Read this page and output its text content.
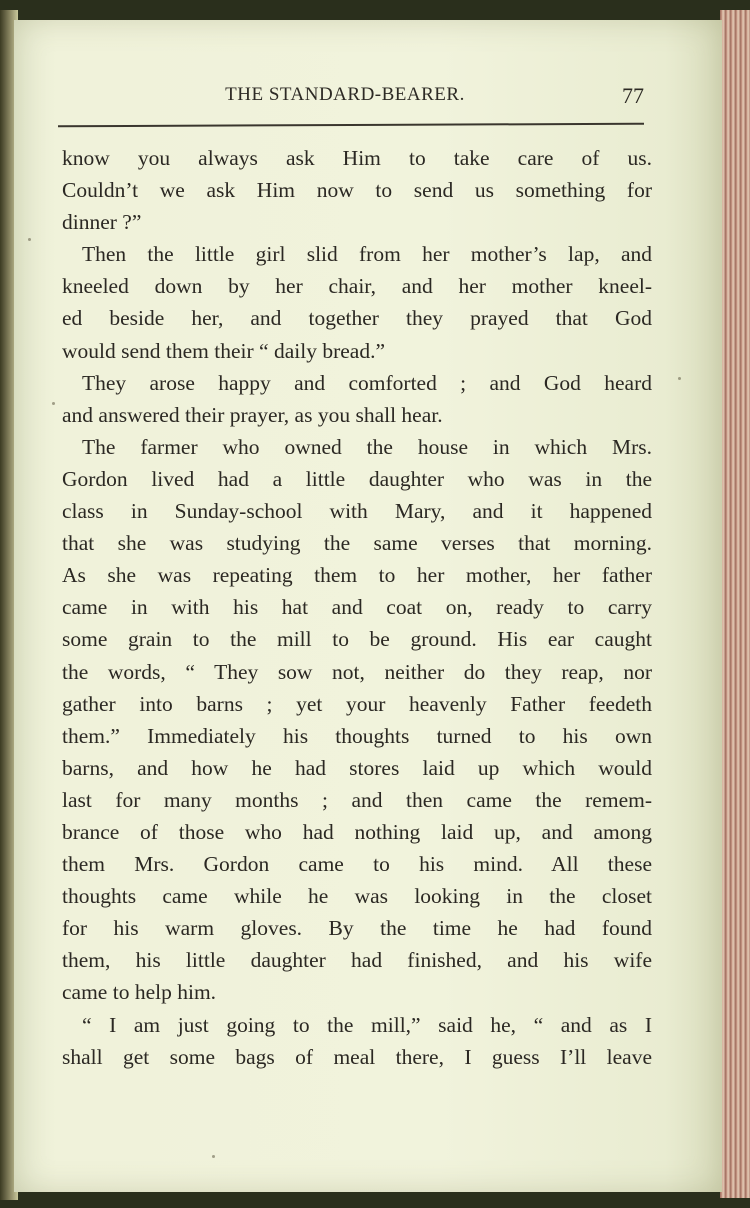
THE STANDARD-BEARER.	77
know you always ask Him to take care of us.
Couldn’t we ask Him now to send us something for
dinner ?”
Then the little girl slid from her mother’s lap, and
kneeled down by her chair, and her mother kneel-
ed beside her, and together they prayed that God
would send them their “ daily bread.”
They arose happy and comforted ; and God heard
and answered their prayer, as you shall hear.
The farmer who owned the house in which Mrs.
Gordon lived had a little daughter who was in the
class in Sunday-school with Mary, and it happened
that she was studying the same verses that morning.
As she was repeating them to her mother, her father
came in with his hat and coat on, ready to carry
some grain to the mill to be ground. His ear caught
the words, “ They sow not, neither do they reap, nor
gather into barns ; yet your heavenly Father feedeth
them.” Immediately his thoughts turned to his own
barns, and how he had stores laid up which would
last for many months ; and then came the remem-
brance of those who had nothing laid up, and among
them Mrs. Gordon came to his mind. All these
thoughts came while he was looking in the closet
for his warm gloves. By the time he had found
them, his little daughter had finished, and his wife
came to help him.
“ I am just going to the mill,” said he, “ and as I
shall get some bags of meal there, I guess I’ll leave
